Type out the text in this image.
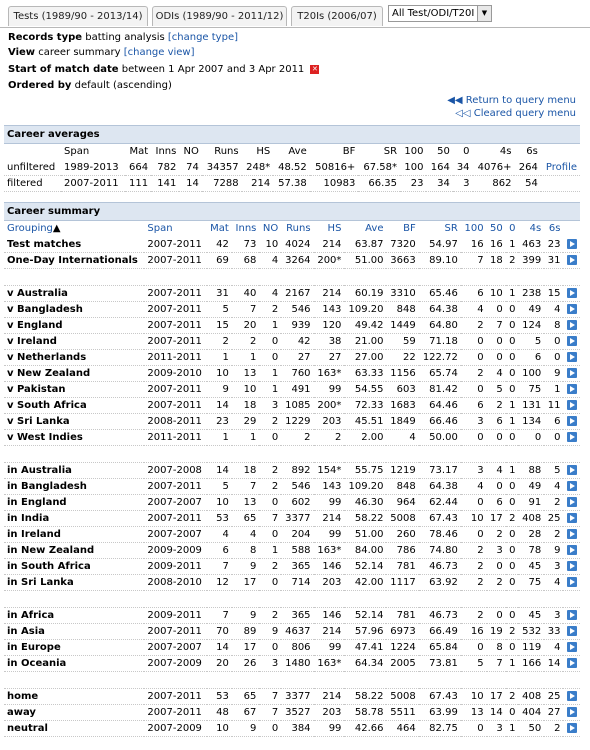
Tests (1989/90 - 2013/14)	ODIs (1989/90 - 2011/12)	T20Is (2006/07)	All Test/ODI/T20I	▼
Records type batting analysis [change type]
View career summary [change view]
Start of match date between 1 Apr 2007 and 3 Apr 2011 ✕
Ordered by default (ascending)
◀◀ Return to query menu
◁◁ Cleared query menu
Career averages															
	Span	Mat	Inns	NO	Runs	HS	Ave	BF	SR	100	50	0	4s	6s	
unfiltered	1989-2013	664	782	74	34357	248*	48.52	50816+	67.58*	100	164	34	4076+	264	Profile
filtered	2007-2011	111	141	14	7288	214	57.38	10983	66.35	23	34	3	862	54	
Career summary															
Grouping▲	Span	Mat	Inns	NO	Runs	HS	Ave	BF	SR	100	50	0	4s	6s	
Test matches	2007-2011	42	73	10	4024	214	63.87	7320	54.97	16	16	1	463	23	
One-Day Internationals	2007-2011	69	68	4	3264	200*	51.00	3663	89.10	7	18	2	399	31	

v Australia	2007-2011	31	40	4	2167	214	60.19	3310	65.46	6	10	1	238	15	
v Bangladesh	2007-2011	5	7	2	546	143	109.20	848	64.38	4	0	0	49	4	
v England	2007-2011	15	20	1	939	120	49.42	1449	64.80	2	7	0	124	8	
v Ireland	2007-2011	2	2	0	42	38	21.00	59	71.18	0	0	0	5	0	
v Netherlands	2011-2011	1	1	0	27	27	27.00	22	122.72	0	0	0	6	0	
v New Zealand	2009-2010	10	13	1	760	163*	63.33	1156	65.74	2	4	0	100	9	
v Pakistan	2007-2011	9	10	1	491	99	54.55	603	81.42	0	5	0	75	1	
v South Africa	2007-2011	14	18	3	1085	200*	72.33	1683	64.46	6	2	1	131	11	
v Sri Lanka	2008-2011	23	29	2	1229	203	45.51	1849	66.46	3	6	1	134	6	
v West Indies	2011-2011	1	1	0	2	2	2.00	4	50.00	0	0	0	0	0	

in Australia	2007-2008	14	18	2	892	154*	55.75	1219	73.17	3	4	1	88	5	
in Bangladesh	2007-2011	5	7	2	546	143	109.20	848	64.38	4	0	0	49	4	
in England	2007-2007	10	13	0	602	99	46.30	964	62.44	0	6	0	91	2	
in India	2007-2011	53	65	7	3377	214	58.22	5008	67.43	10	17	2	408	25	
in Ireland	2007-2007	4	4	0	204	99	51.00	260	78.46	0	2	0	28	2	
in New Zealand	2009-2009	6	8	1	588	163*	84.00	786	74.80	2	3	0	78	9	
in South Africa	2009-2011	7	9	2	365	146	52.14	781	46.73	2	0	0	45	3	
in Sri Lanka	2008-2010	12	17	0	714	203	42.00	1117	63.92	2	2	0	75	4	

in Africa	2009-2011	7	9	2	365	146	52.14	781	46.73	2	0	0	45	3	
in Asia	2007-2011	70	89	9	4637	214	57.96	6973	66.49	16	19	2	532	33	
in Europe	2007-2007	14	17	0	806	99	47.41	1224	65.84	0	8	0	119	4	
in Oceania	2007-2009	20	26	3	1480	163*	64.34	2005	73.81	5	7	1	166	14	

home	2007-2011	53	65	7	3377	214	58.22	5008	67.43	10	17	2	408	25	
away	2007-2011	48	67	7	3527	203	58.78	5511	63.99	13	14	0	404	27	
neutral	2007-2009	10	9	0	384	99	42.66	464	82.75	0	3	1	50	2	
